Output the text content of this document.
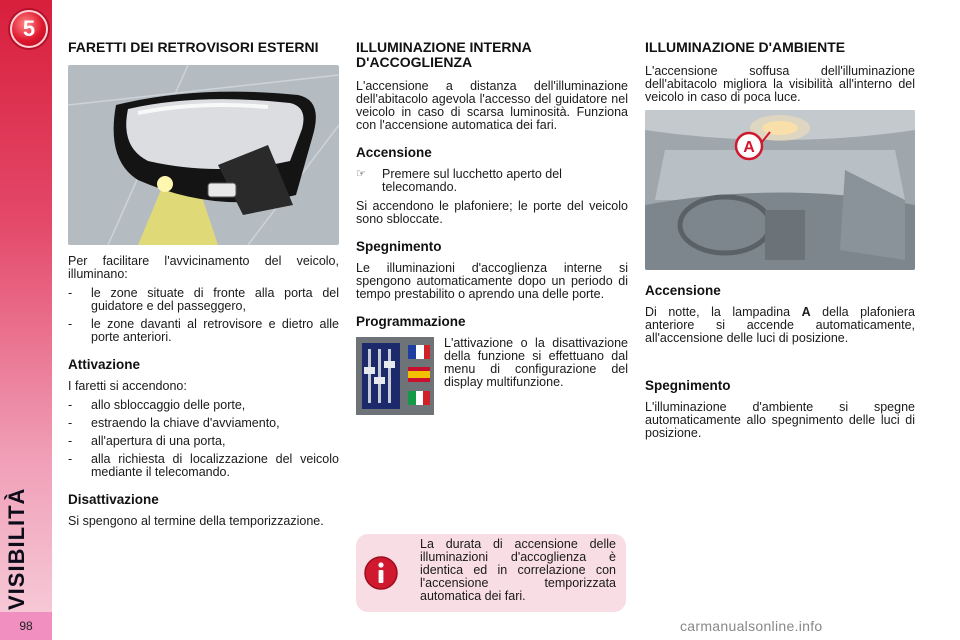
5
VISIBILITÀ
98
FARETTI DEI RETROVISORI ESTERNI

Per facilitare l'avvicinamento del veicolo, illuminano:

- le zone situate di fronte alla porta del guidatore e del passeggero,
- le zone davanti al retrovisore e dietro alle porte anteriori.
Attivazione

I faretti si accendono:

- allo sbloccaggio delle porte,
- estraendo la chiave d'avviamento,
- all'apertura di una porta,
- alla richiesta di localizzazione del veicolo mediante il telecomando.
Disattivazione

Si spengono al termine della temporizzazione.

ILLUMINAZIONE INTERNA D'ACCOGLIENZA

L'accensione a distanza dell'illuminazione dell'abitacolo agevola l'accesso del guidatore nel veicolo in caso di scarsa luminosità. Funziona con l'accensione automatica dei fari.

Accensione
☞	Premere sul lucchetto aperto del telecomando.

Si accendono le plafoniere; le porte del veicolo sono sbloccate.

Spegnimento

Le illuminazioni d'accoglienza interne si spengono automaticamente dopo un periodo di tempo prestabilito o aprendo una delle porte.

Programmazione

L'attivazione o la disattivazione della funzione si effettuano dal menu di configurazione del display multifunzione.

La durata di accensione delle illuminazioni d'accoglienza è identica ed in correlazione con l'accensione temporizzata automatica dei fari.

ILLUMINAZIONE D'AMBIENTE

L'accensione soffusa dell'illuminazione dell'abitacolo migliora la visibilità all'interno del veicolo in caso di poca luce.

A
Accensione

Di notte, la lampadina A della plafoniera anteriore si accende automaticamente, all'accensione delle luci di posizione.

Spegnimento

L'illuminazione d'ambiente si spegne automaticamente allo spegnimento delle luci di posizione.

carmanualsonline.info
